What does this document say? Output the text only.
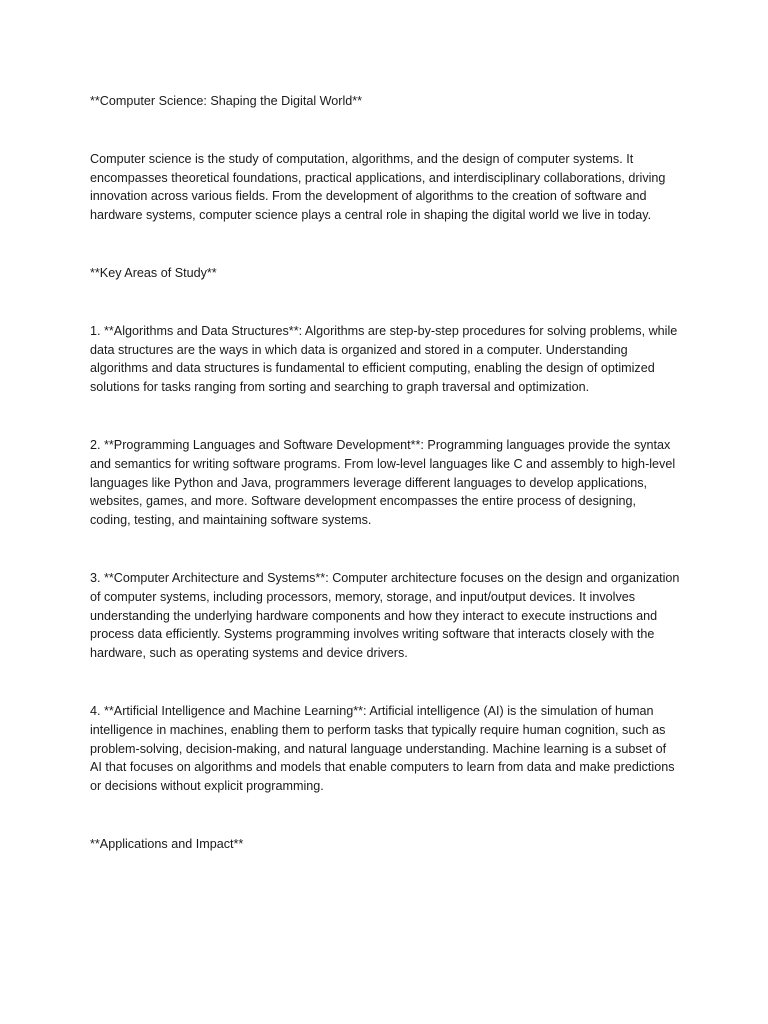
**Computer Science: Shaping the Digital World**

Computer science is the study of computation, algorithms, and the design of computer systems. It encompasses theoretical foundations, practical applications, and interdisciplinary collaborations, driving innovation across various fields. From the development of algorithms to the creation of software and hardware systems, computer science plays a central role in shaping the digital world we live in today.

**Key Areas of Study**

1. **Algorithms and Data Structures**: Algorithms are step-by-step procedures for solving problems, while data structures are the ways in which data is organized and stored in a computer. Understanding algorithms and data structures is fundamental to efficient computing, enabling the design of optimized solutions for tasks ranging from sorting and searching to graph traversal and optimization.

2. **Programming Languages and Software Development**: Programming languages provide the syntax and semantics for writing software programs. From low-level languages like C and assembly to high-level languages like Python and Java, programmers leverage different languages to develop applications, websites, games, and more. Software development encompasses the entire process of designing, coding, testing, and maintaining software systems.

3. **Computer Architecture and Systems**: Computer architecture focuses on the design and organization of computer systems, including processors, memory, storage, and input/output devices. It involves understanding the underlying hardware components and how they interact to execute instructions and process data efficiently. Systems programming involves writing software that interacts closely with the hardware, such as operating systems and device drivers.

4. **Artificial Intelligence and Machine Learning**: Artificial intelligence (AI) is the simulation of human intelligence in machines, enabling them to perform tasks that typically require human cognition, such as problem-solving, decision-making, and natural language understanding. Machine learning is a subset of AI that focuses on algorithms and models that enable computers to learn from data and make predictions or decisions without explicit programming.

**Applications and Impact**
